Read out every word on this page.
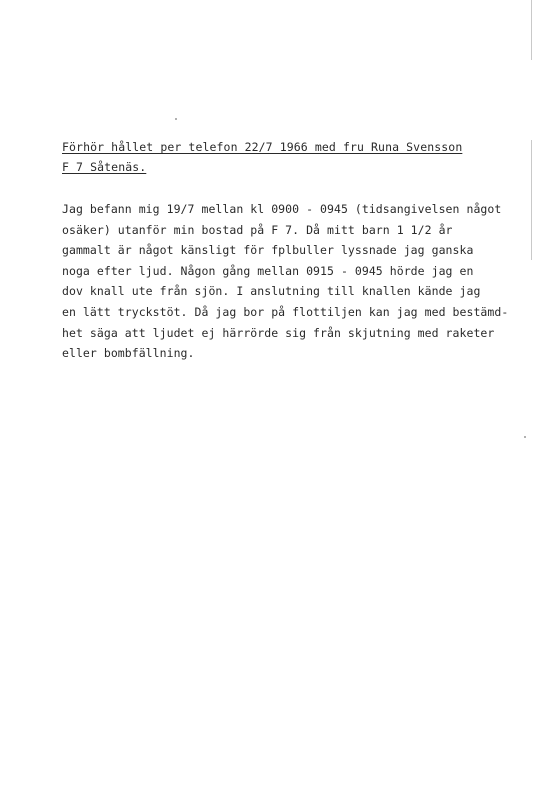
Förhör hållet per telefon 22/7 1966 med fru Runa Svensson
F 7 Såtenäs.
Jag befann mig 19/7 mellan kl 0900 - 0945 (tidsangivelsen något
osäker) utanför min bostad på F 7. Då mitt barn 1 1/2 år
gammalt är något känsligt för fplbuller lyssnade jag ganska
noga efter ljud. Någon gång mellan 0915 - 0945 hörde jag en
dov knall ute från sjön. I anslutning till knallen kände jag
en lätt tryckstöt. Då jag bor på flottiljen kan jag med bestämd-
het säga att ljudet ej härrörde sig från skjutning med raketer
eller bombfällning.
